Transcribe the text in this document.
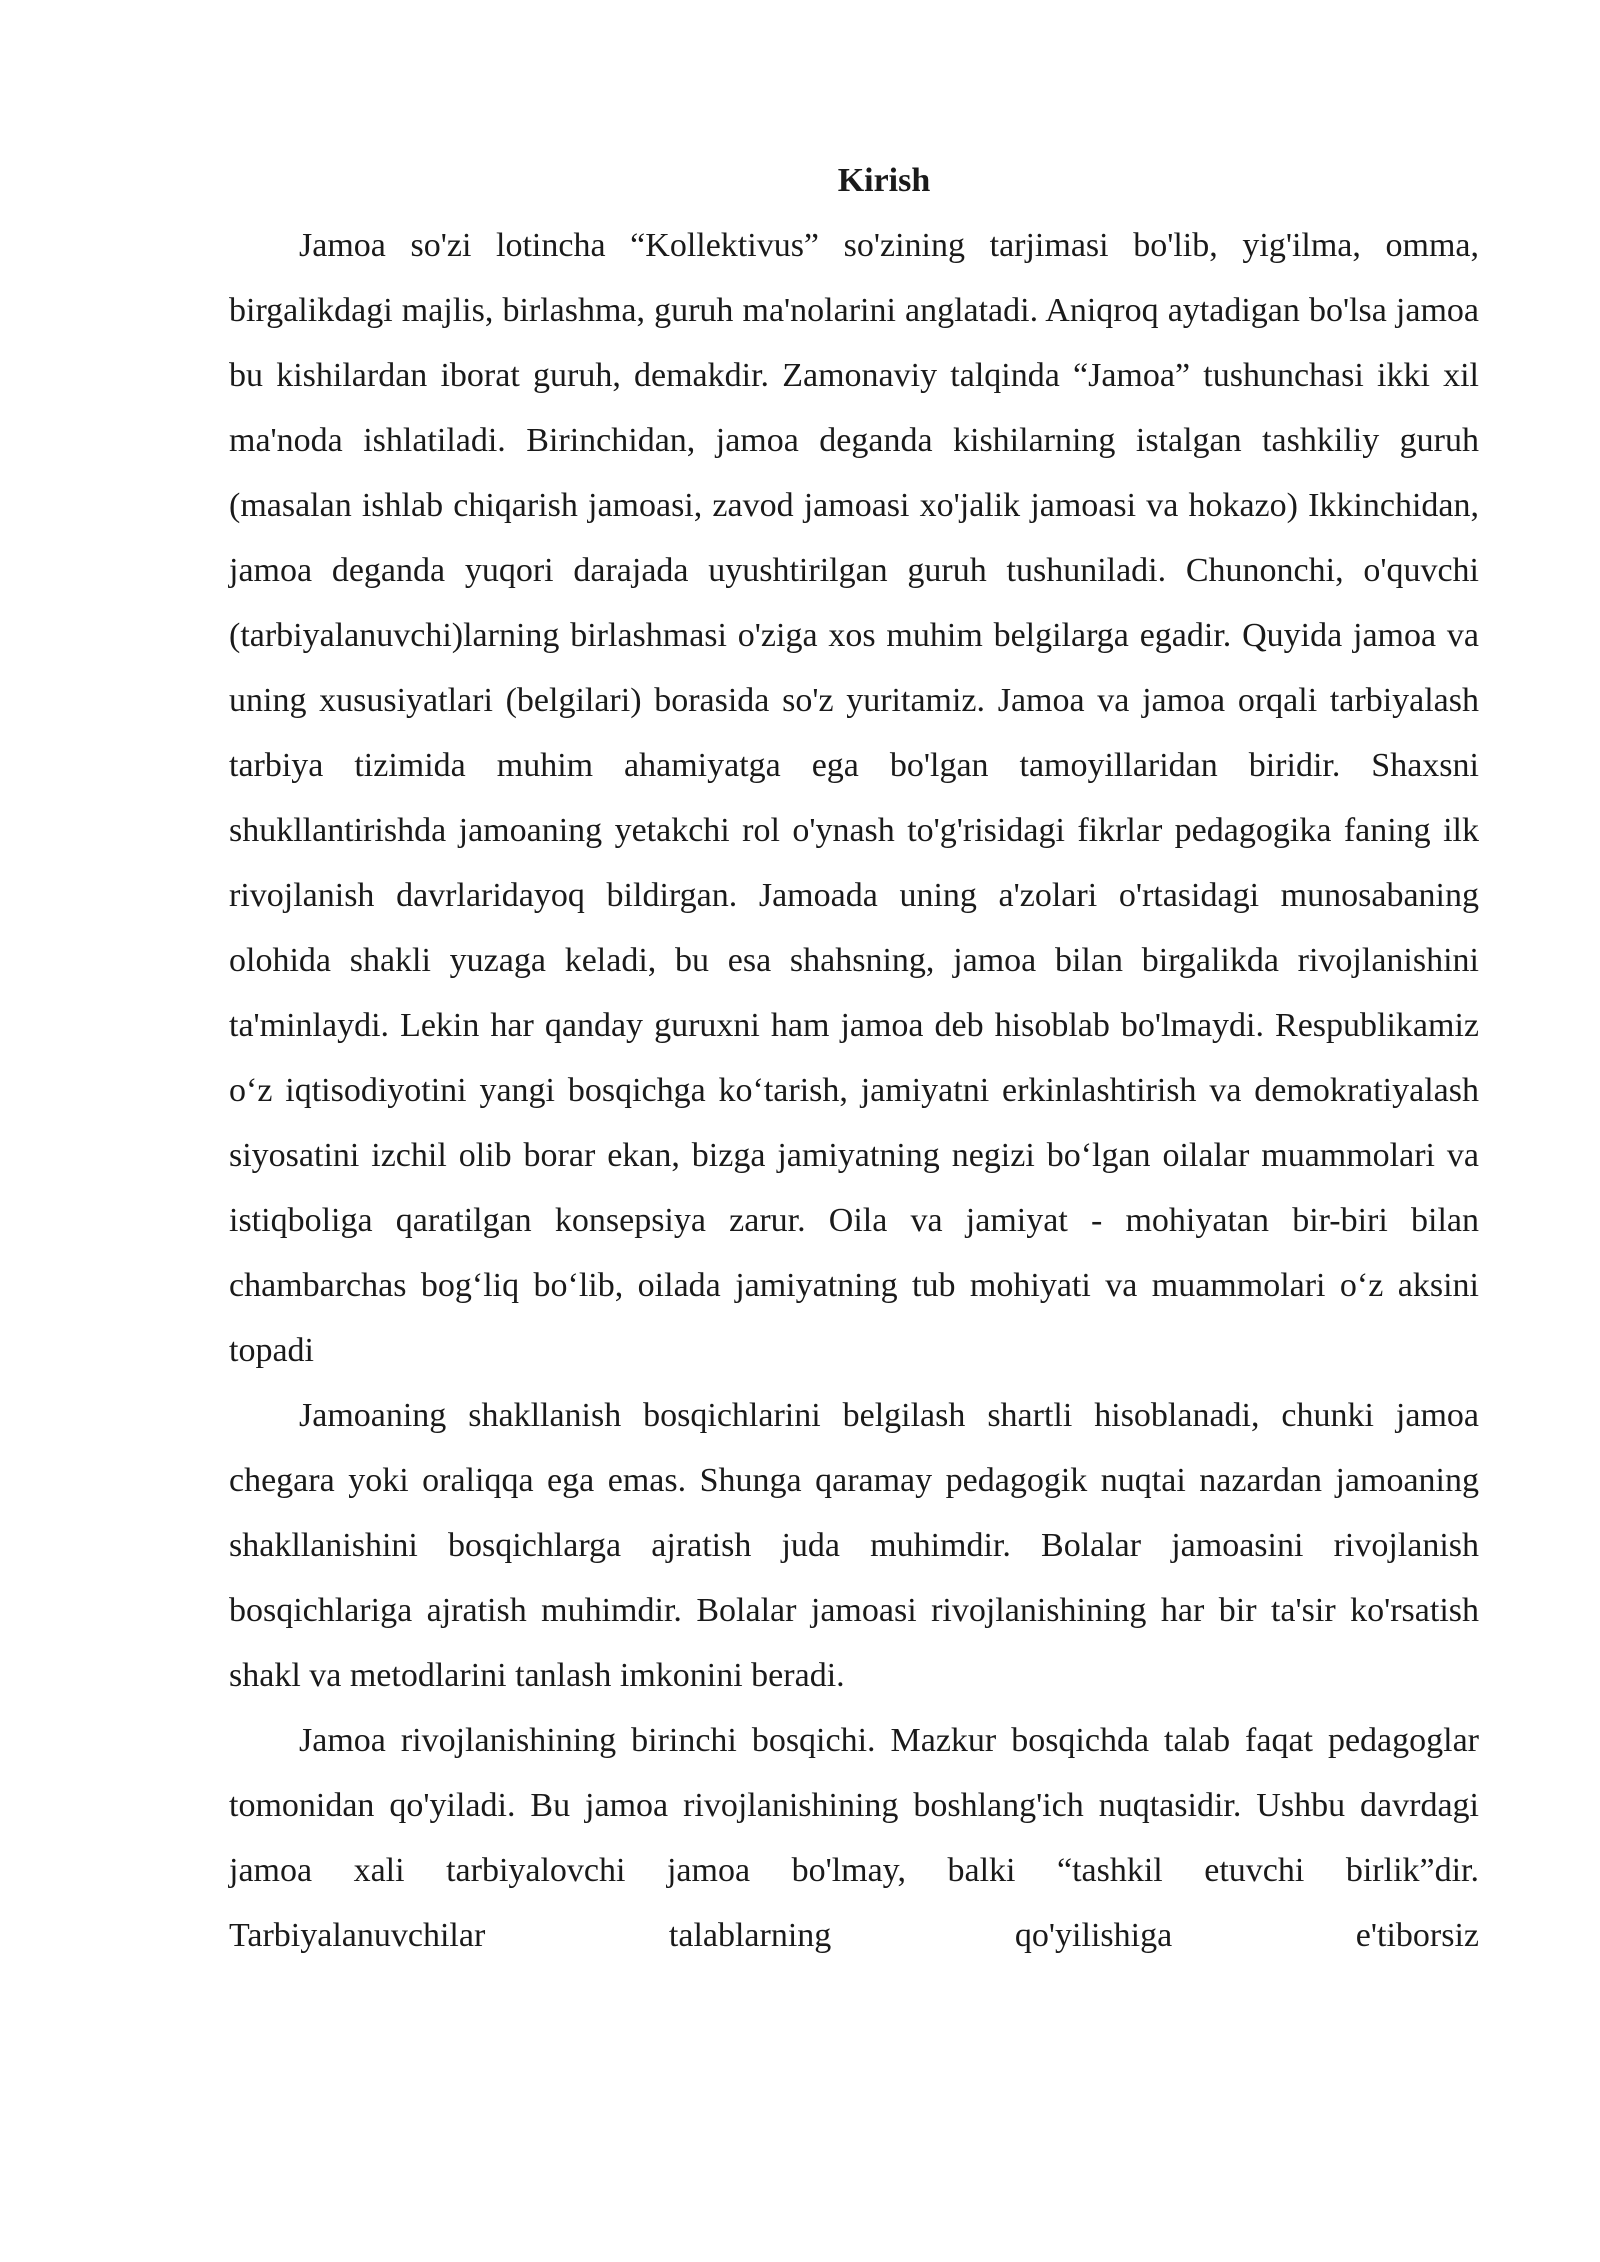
Kirish

Jamoa so'zi lotincha “Kollektivus” so'zining tarjimasi bo'lib, yig'ilma, omma, birgalikdagi majlis, birlashma, guruh ma'nolarini anglatadi. Aniqroq aytadigan bo'lsa jamoa bu kishilardan iborat guruh, demakdir. Zamonaviy talqinda “Jamoa” tushunchasi ikki xil ma'noda ishlatiladi. Birinchidan, jamoa deganda kishilarning istalgan tashkiliy guruh (masalan ishlab chiqarish jamoasi, zavod jamoasi xo'jalik jamoasi va hokazo) Ikkinchidan, jamoa deganda yuqori darajada uyushtirilgan guruh tushuniladi. Chunonchi, o'quvchi (tarbiyalanuvchi)larning birlashmasi o'ziga xos muhim belgilarga egadir. Quyida jamoa va uning xususiyatlari (belgilari) borasida so'z yuritamiz. Jamoa va jamoa orqali tarbiyalash tarbiya tizimida muhim ahamiyatga ega bo'lgan tamoyillaridan biridir. Shaxsni shukllantirishda jamoaning yetakchi rol o'ynash to'g'risidagi fikrlar pedagogika faning ilk rivojlanish davrlaridayoq bildirgan. Jamoada uning a'zolari o'rtasidagi munosabaning olohida shakli yuzaga keladi, bu esa shahsning, jamoa bilan birgalikda rivojlanishini ta'minlaydi. Lekin har qanday guruxni ham jamoa deb hisoblab bo'lmaydi. Respublikamiz o‘z iqtisodiyotini yangi bosqichga ko‘tarish, jamiyatni erkinlashtirish va demokratiyalash siyosatini izchil olib borar ekan, bizga jamiyatning negizi bo‘lgan oilalar muammolari va istiqboliga qaratilgan konsepsiya zarur. Oila va jamiyat - mohiyatan bir-biri bilan chambarchas bog‘liq bo‘lib, oilada jamiyatning tub mohiyati va muammolari o‘z aksini topadi

Jamoaning shakllanish bosqichlarini belgilash shartli hisoblanadi, chunki jamoa chegara yoki oraliqqa ega emas. Shunga qaramay pedagogik nuqtai nazardan jamoaning shakllanishini bosqichlarga ajratish juda muhimdir. Bolalar jamoasini rivojlanish bosqichlariga ajratish muhimdir. Bolalar jamoasi rivojlanishining har bir ta'sir ko'rsatish shakl va metodlarini tanlash imkonini beradi.

Jamoa rivojlanishining birinchi bosqichi. Mazkur bosqichda talab faqat pedagoglar tomonidan qo'yiladi. Bu jamoa rivojlanishining boshlang'ich nuqtasidir. Ushbu davrdagi jamoa xali tarbiyalovchi jamoa bo'lmay, balki “tashkil etuvchi birlik”dir. Tarbiyalanuvchilar talablarning qo'yilishiga e'tiborsiz
